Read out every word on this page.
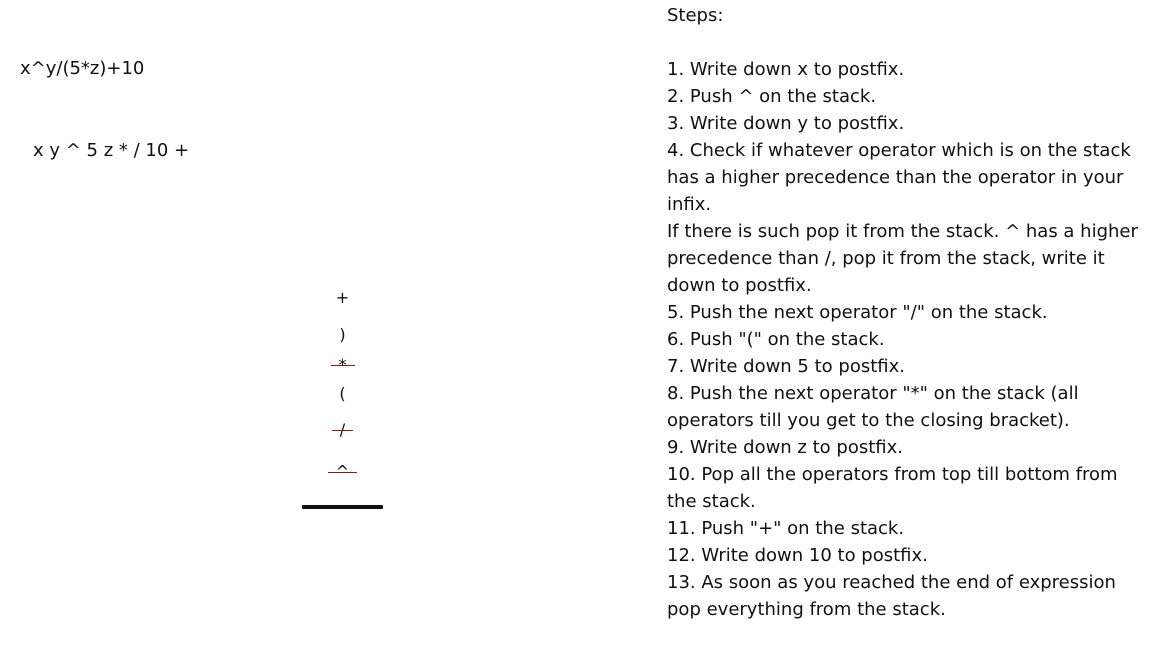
x^y/(5*z)+10
x y ^ 5 z * / 10 +
+
)
*
(
/
^
Steps:
1. Write down x to postfix.
2. Push ^ on the stack.
3. Write down y to postfix.
4. Check if whatever operator which is on the stack
has a higher precedence than the operator in your
infix.
If there is such pop it from the stack. ^ has a higher
precedence than /, pop it from the stack, write it
down to postfix.
5. Push the next operator "/" on the stack.
6. Push "(" on the stack.
7. Write down 5 to postfix.
8. Push the next operator "*" on the stack (all
operators till you get to the closing bracket).
9. Write down z to postfix.
10. Pop all the operators from top till bottom from
the stack.
11. Push "+" on the stack.
12. Write down 10 to postfix.
13. As soon as you reached the end of expression
pop everything from the stack.
